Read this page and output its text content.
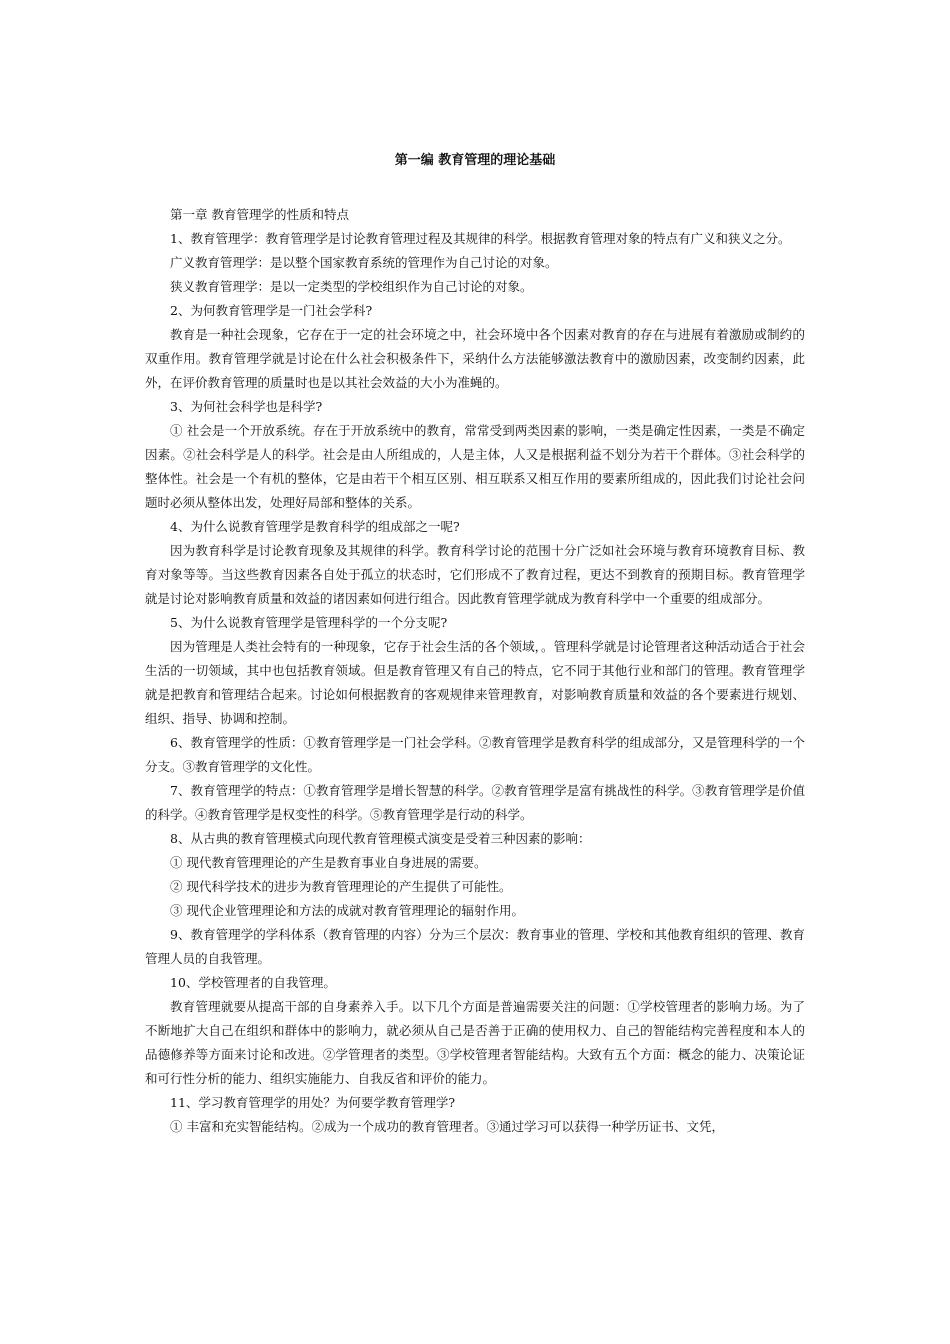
第一编 教育管理的理论基础

第一章 教育管理学的性质和特点

1、教育管理学：教育管理学是讨论教育管理过程及其规律的科学。根据教育管理对象的特点有广义和狭义之分。

广义教育管理学：是以整个国家教育系统的管理作为自己讨论的对象。

狭义教育管理学：是以一定类型的学校组织作为自己讨论的对象。

2、为何教育管理学是一门社会学科?

教育是一种社会现象，它存在于一定的社会环境之中，社会环境中各个因素对教育的存在与进展有着激励或制约的双重作用。教育管理学就是讨论在什么社会积极条件下，采纳什么方法能够激法教育中的激励因素，改变制约因素，此外，在评价教育管理的质量时也是以其社会效益的大小为准蝇的。

3、为何社会科学也是科学?

① 社会是一个开放系统。存在于开放系统中的教育，常常受到两类因素的影响，一类是确定性因素，一类是不确定因素。②社会科学是人的科学。社会是由人所组成的，人是主体，人又是根据利益不划分为若干个群体。③社会科学的整体性。社会是一个有机的整体，它是由若干个相互区别、相互联系又相互作用的要素所组成的，因此我们讨论社会问题时必须从整体出发，处理好局部和整体的关系。

4、为什么说教育管理学是教育科学的组成部之一呢?

因为教育科学是讨论教育现象及其规律的科学。教育科学讨论的范围十分广泛如社会环境与教育环境教育目标、教育对象等等。当这些教育因素各自处于孤立的状态时，它们形成不了教育过程，更达不到教育的预期目标。教育管理学就是讨论对影响教育质量和效益的诸因素如何进行组合。因此教育管理学就成为教育科学中一个重要的组成部分。

5、为什么说教育管理学是管理科学的一个分支呢?

因为管理是人类社会特有的一种现象，它存于社会生活的各个领域，。管理科学就是讨论管理者这种活动适合于社会生活的一切领域，其中也包括教育领域。但是教育管理又有自己的特点，它不同于其他行业和部门的管理。教育管理学就是把教育和管理结合起来。讨论如何根据教育的客观规律来管理教育，对影响教育质量和效益的各个要素进行规划、组织、指导、协调和控制。

6、教育管理学的性质：①教育管理学是一门社会学科。②教育管理学是教育科学的组成部分，又是管理科学的一个分支。③教育管理学的文化性。

7、教育管理学的特点：①教育管理学是增长智慧的科学。②教育管理学是富有挑战性的科学。③教育管理学是价值的科学。④教育管理学是权变性的科学。⑤教育管理学是行动的科学。

8、从古典的教育管理模式向现代教育管理模式演变是受着三种因素的影响：

① 现代教育管理理论的产生是教育事业自身进展的需要。

② 现代科学技术的进步为教育管理理论的产生提供了可能性。

③ 现代企业管理理论和方法的成就对教育管理理论的辐射作用。

9、教育管理学的学科体系（教育管理的内容）分为三个层次：教育事业的管理、学校和其他教育组织的管理、教育管理人员的自我管理。

10、学校管理者的自我管理。

教育管理就要从提高干部的自身素养入手。以下几个方面是普遍需要关注的问题：①学校管理者的影响力场。为了不断地扩大自己在组织和群体中的影响力，就必须从自己是否善于正确的使用权力、自己的智能结构完善程度和本人的品德修养等方面来讨论和改进。②学管理者的类型。③学校管理者智能结构。大致有五个方面：概念的能力、决策论证和可行性分析的能力、组织实施能力、自我反省和评价的能力。

11、学习教育管理学的用处？为何要学教育管理学?

① 丰富和充实智能结构。②成为一个成功的教育管理者。③通过学习可以获得一种学历证书、文凭，
